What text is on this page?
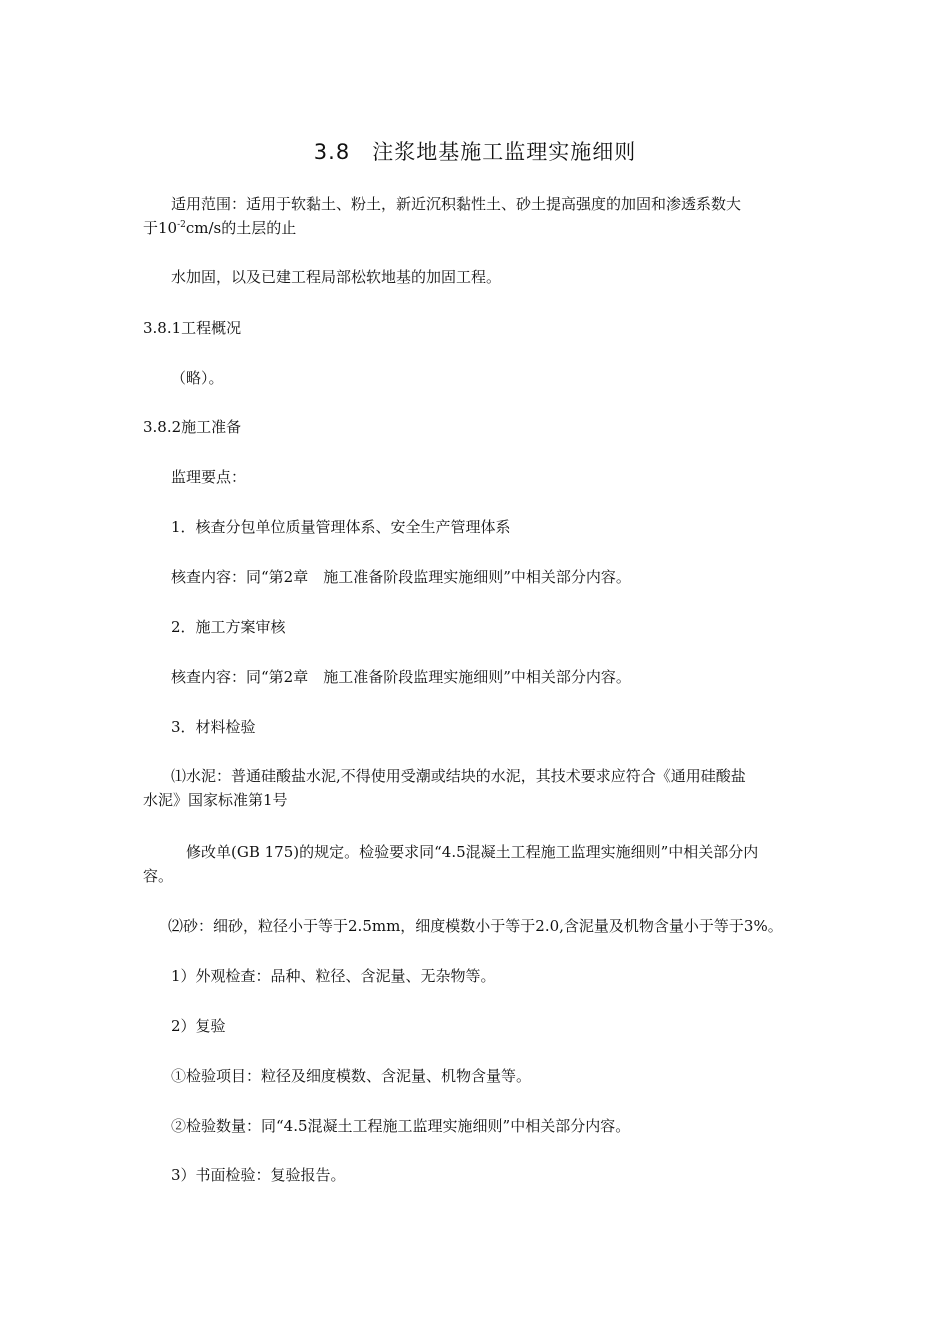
3.8　注浆地基施工监理实施细则

适用范围：适用于软黏土、粉土，新近沉积黏性土、砂土提高强度的加固和渗透系数大

于$10^{-2}cm/s$的土层的止

水加固，以及已建工程局部松软地基的加固工程。

3.8.1工程概况

（略）。

3.8.2施工准备

监理要点：

1．核查分包单位质量管理体系、安全生产管理体系

核查内容：同“第2章　施工准备阶段监理实施细则”中相关部分内容。

2．施工方案审核

核查内容：同“第2章　施工准备阶段监理实施细则”中相关部分内容。

3．材料检验

⑴水泥：普通硅酸盐水泥,不得使用受潮或结块的水泥，其技术要求应符合《通用硅酸盐

水泥》国家标准第1号

修改单(GB 175)的规定。检验要求同“4.5混凝土工程施工监理实施细则”中相关部分内

容。

⑵砂：细砂，粒径小于等于2.5mm，细度模数小于等于2.0,含泥量及机物含量小于等于3%。

1）外观检查：品种、粒径、含泥量、无杂物等。

2）复验

①检验项目：粒径及细度模数、含泥量、机物含量等。

②检验数量：同“4.5混凝土工程施工监理实施细则”中相关部分内容。

3）书面检验：复验报告。
